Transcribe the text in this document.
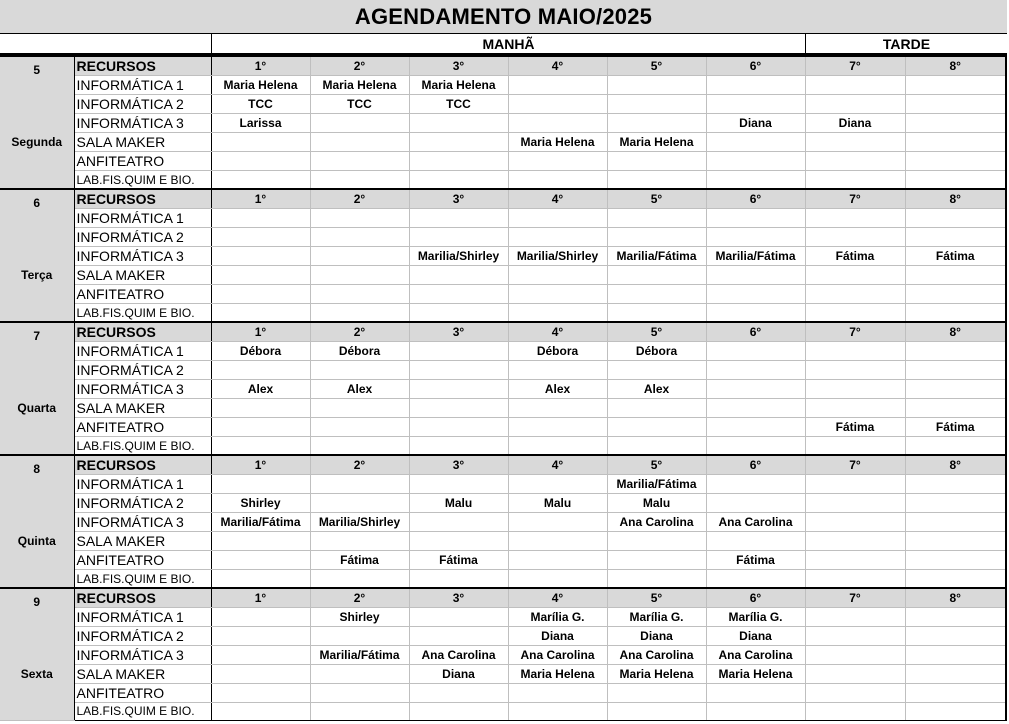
AGENDAMENTO MAIO/2025
MANHÃ	TARDE
5
Segunda	RECURSOS	1°	2°	3°	4°	5°	6°	7°	8°
	INFORMÁTICA 1	Maria Helena	Maria Helena	Maria Helena					
	INFORMÁTICA 2	TCC	TCC	TCC					
	INFORMÁTICA 3	Larissa					Diana	Diana	
	SALA MAKER				Maria Helena	Maria Helena			
	ANFITEATRO								
	LAB.FIS.QUIM E BIO.								

6
Terça	RECURSOS	1°	2°	3°	4°	5°	6°	7°	8°
	INFORMÁTICA 1								
	INFORMÁTICA 2								
	INFORMÁTICA 3			Marilia/Shirley	Marilia/Shirley	Marilia/Fátima	Marilia/Fátima	Fátima	Fátima
	SALA MAKER								
	ANFITEATRO								
	LAB.FIS.QUIM E BIO.								

7
Quarta	RECURSOS	1°	2°	3°	4°	5°	6°	7°	8°
	INFORMÁTICA 1	Débora	Débora		Débora	Débora			
	INFORMÁTICA 2								
	INFORMÁTICA 3	Alex	Alex		Alex	Alex			
	SALA MAKER								
	ANFITEATRO							Fátima	Fátima
	LAB.FIS.QUIM E BIO.								

8
Quinta	RECURSOS	1°	2°	3°	4°	5°	6°	7°	8°
	INFORMÁTICA 1					Marilia/Fátima			
	INFORMÁTICA 2	Shirley		Malu	Malu	Malu			
	INFORMÁTICA 3	Marilia/Fátima	Marilia/Shirley			Ana Carolina	Ana Carolina		
	SALA MAKER								
	ANFITEATRO		Fátima	Fátima			Fátima		
	LAB.FIS.QUIM E BIO.								

9
Sexta	RECURSOS	1°	2°	3°	4°	5°	6°	7°	8°
	INFORMÁTICA 1		Shirley		Marília G.	Marília G.	Marília G.		
	INFORMÁTICA 2				Diana	Diana	Diana		
	INFORMÁTICA 3		Marilia/Fátima	Ana Carolina	Ana Carolina	Ana Carolina	Ana Carolina		
	SALA MAKER			Diana	Maria Helena	Maria Helena	Maria Helena		
	ANFITEATRO								
	LAB.FIS.QUIM E BIO.								
